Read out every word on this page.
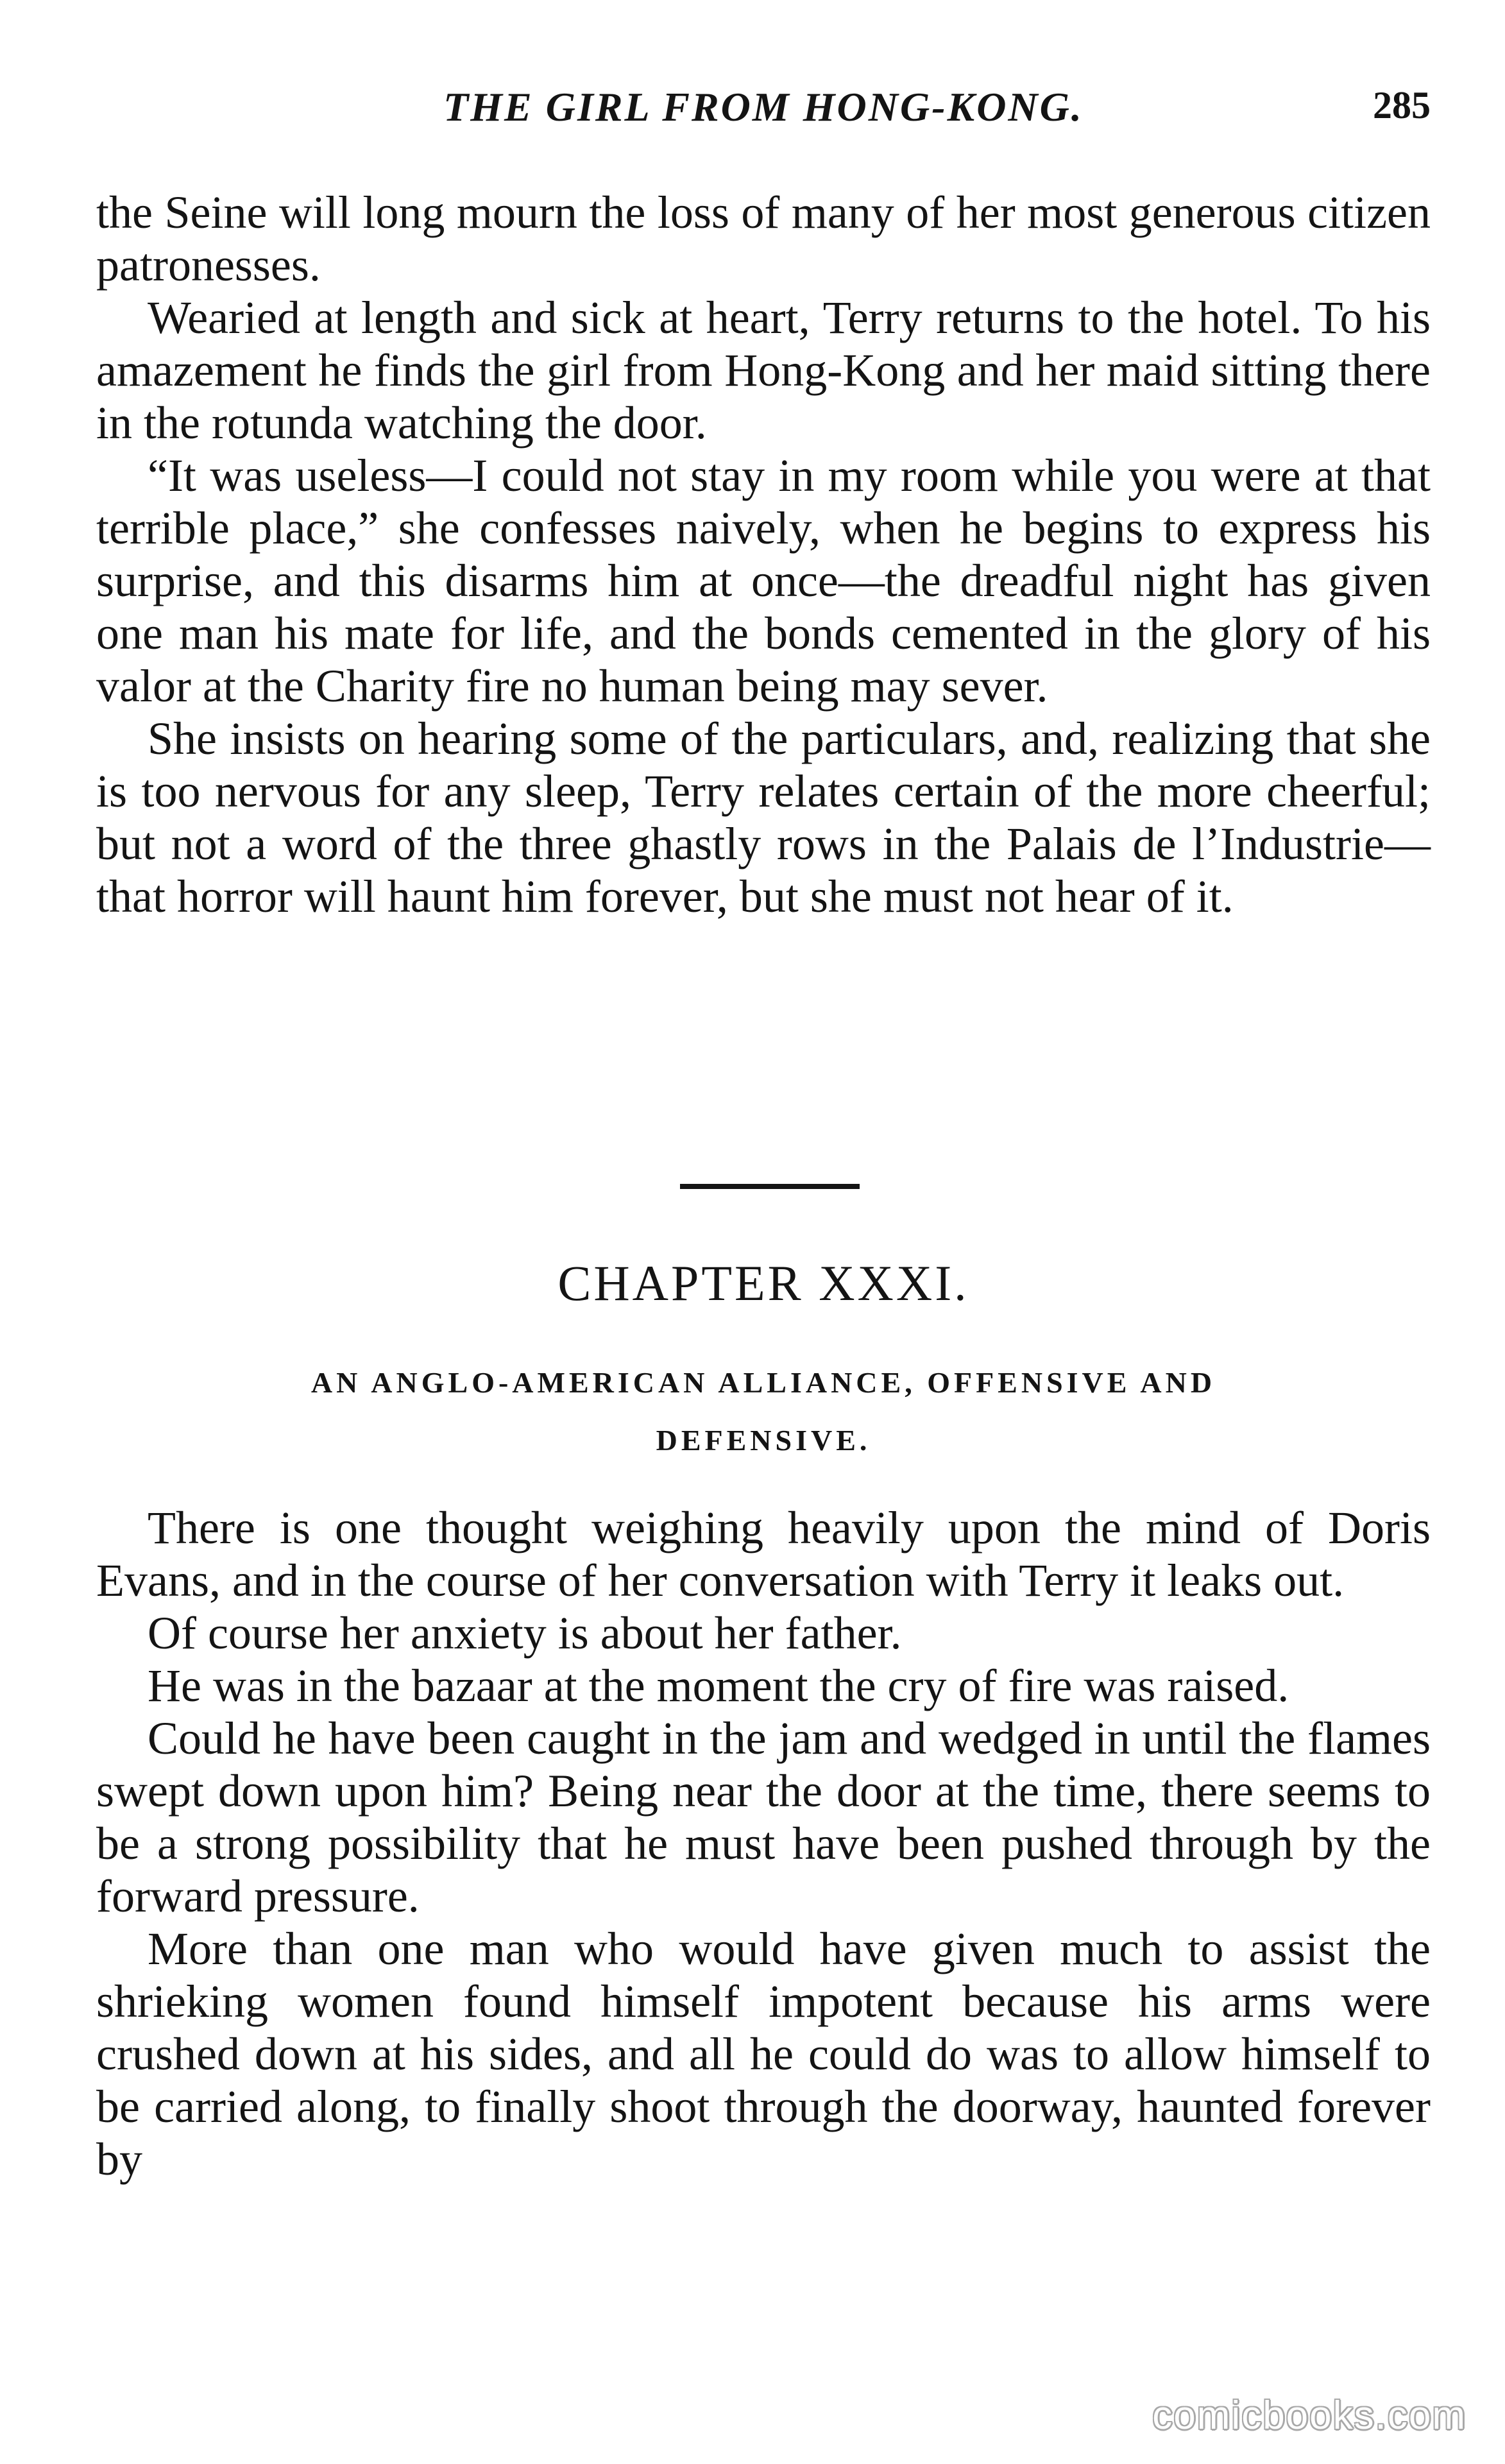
THE GIRL FROM HONG-KONG.	285

the Seine will long mourn the loss of many of her most generous citizen patronesses.

Wearied at length and sick at heart, Terry returns to the hotel. To his amazement he finds the girl from Hong-Kong and her maid sitting there in the rotunda watching the door.

“It was useless—I could not stay in my room while you were at that terrible place,” she confesses naively, when he begins to express his surprise, and this disarms him at once—the dreadful night has given one man his mate for life, and the bonds cemented in the glory of his valor at the Charity fire no human being may sever.

She insists on hearing some of the particulars, and, realizing that she is too nervous for any sleep, Terry relates certain of the more cheerful; but not a word of the three ghastly rows in the Palais de l’Industrie—that horror will haunt him forever, but she must not hear of it.

CHAPTER XXXI.
AN ANGLO-AMERICAN ALLIANCE, OFFENSIVE AND
DEFENSIVE.

There is one thought weighing heavily upon the mind of Doris Evans, and in the course of her conversation with Terry it leaks out.

Of course her anxiety is about her father.

He was in the bazaar at the moment the cry of fire was raised.

Could he have been caught in the jam and wedged in until the flames swept down upon him? Being near the door at the time, there seems to be a strong possibility that he must have been pushed through by the forward pressure.

More than one man who would have given much to assist the shrieking women found himself impotent because his arms were crushed down at his sides, and all he could do was to allow himself to be carried along, to finally shoot through the doorway, haunted forever by

comicbooks.com
